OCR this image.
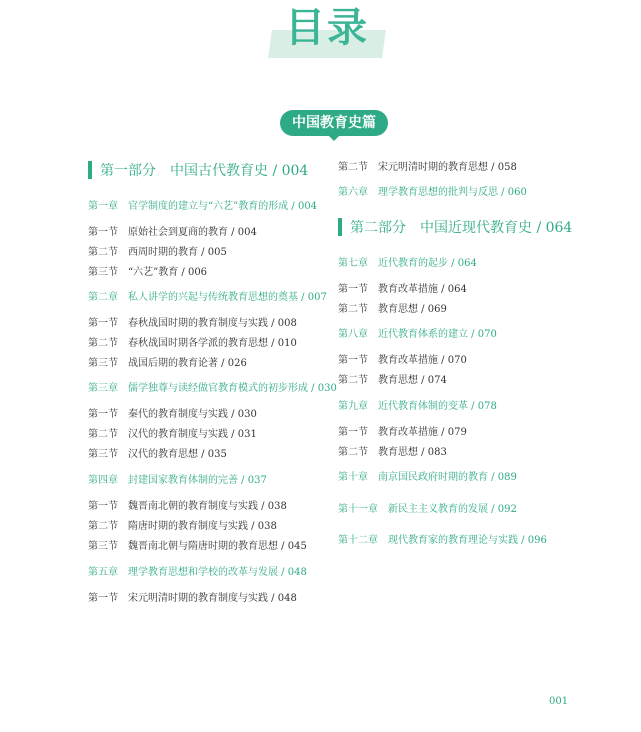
目录
中国教育史篇
第一部分　中国古代教育史 / 004
第一章　官学制度的建立与“六艺”教育的形成 / 004
第一节　原始社会到夏商的教育 / 004
第二节　西周时期的教育 / 005
第三节　“六艺”教育 / 006
第二章　私人讲学的兴起与传统教育思想的奠基 / 007
第一节　春秋战国时期的教育制度与实践 / 008
第二节　春秋战国时期各学派的教育思想 / 010
第三节　战国后期的教育论著 / 026
第三章　儒学独尊与读经做官教育模式的初步形成 / 030
第一节　秦代的教育制度与实践 / 030
第二节　汉代的教育制度与实践 / 031
第三节　汉代的教育思想 / 035
第四章　封建国家教育体制的完善 / 037
第一节　魏晋南北朝的教育制度与实践 / 038
第二节　隋唐时期的教育制度与实践 / 038
第三节　魏晋南北朝与隋唐时期的教育思想 / 045
第五章　理学教育思想和学校的改革与发展 / 048
第一节　宋元明清时期的教育制度与实践 / 048
第二节　宋元明清时期的教育思想 / 058
第六章　理学教育思想的批判与反思 / 060
第二部分　中国近现代教育史 / 064
第七章　近代教育的起步 / 064
第一节　教育改革措施 / 064
第二节　教育思想 / 069
第八章　近代教育体系的建立 / 070
第一节　教育改革措施 / 070
第二节　教育思想 / 074
第九章　近代教育体制的变革 / 078
第一节　教育改革措施 / 079
第二节　教育思想 / 083
第十章　南京国民政府时期的教育 / 089
第十一章　新民主主义教育的发展 / 092
第十二章　现代教育家的教育理论与实践 / 096
001
